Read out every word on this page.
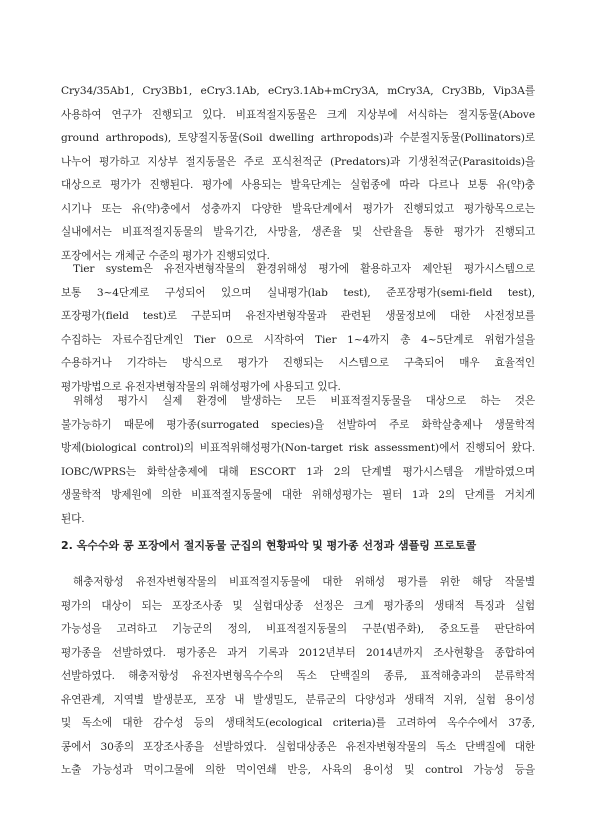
Cry34/35Ab1, Cry3Bb1, eCry3.1Ab, eCry3.1Ab+mCry3A, mCry3A, Cry3Bb, Vip3A를
사용하여 연구가 진행되고 있다. 비표적절지동물은 크게 지상부에 서식하는 절지동물(Above
ground arthropods), 토양절지동물(Soil dwelling arthropods)과 수분절지동물(Pollinators)로
나누어 평가하고 지상부 절지동물은 주로 포식천적군 (Predators)과 기생천적군(Parasitoids)을
대상으로 평가가 진행된다. 평가에 사용되는 발육단계는 실험종에 따라 다르나 보통 유(약)충
시기나 또는 유(약)충에서 성충까지 다양한 발육단계에서 평가가 진행되었고 평가항목으로는
실내에서는 비표적절지동물의 발육기간, 사망율, 생존율 및 산란율을 통한 평가가 진행되고
포장에서는 개체군 수준의 평가가 진행되었다.
Tier system은 유전자변형작물의 환경위해성 평가에 활용하고자 제안된 평가시스템으로
보통 3~4단계로 구성되어 있으며 실내평가(lab test), 준포장평가(semi-field test),
포장평가(field test)로 구분되며 유전자변형작물과 관련된 생물정보에 대한 사전정보를
수집하는 자료수집단계인 Tier 0으로 시작하여 Tier 1~4까지 총 4~5단계로 위험가설을
수용하거나 기각하는 방식으로 평가가 진행되는 시스템으로 구축되어 매우 효율적인
평가방법으로 유전자변형작물의 위해성평가에 사용되고 있다.
위해성 평가시 실제 환경에 발생하는 모든 비표적절지동물을 대상으로 하는 것은
불가능하기 때문에 평가종(surrogated species)을 선발하여 주로 화학살충제나 생물학적
방제(biological control)의 비표적위해성평가(Non-target risk assessment)에서 진행되어 왔다.
IOBC/WPRS는 화학살충제에 대해 ESCORT 1과 2의 단계별 평가시스템을 개발하였으며
생물학적 방제원에 의한 비표적절지동물에 대한 위해성평가는 필터 1과 2의 단계를 거치게
된다.
2. 옥수수와 콩 포장에서 절지동물 군집의 현황파악 및 평가종 선정과 샘플링 프로토콜
해충저항성 유전자변형작물의 비표적절지동물에 대한 위해성 평가를 위한 해당 작물별
평가의 대상이 되는 포장조사종 및 실험대상종 선정은 크게 평가종의 생태적 특징과 실험
가능성을 고려하고 기능군의 정의, 비표적절지동물의 구분(범주화), 중요도를 판단하여
평가종을 선발하였다. 평가종은 과거 기록과 2012년부터 2014년까지 조사현황을 종합하여
선발하였다. 해충저항성 유전자변형옥수수의 독소 단백질의 종류, 표적해충과의 분류학적
유연관계, 지역별 발생분포, 포장 내 발생밀도, 분류군의 다양성과 생태적 지위, 실험 용이성
및 독소에 대한 감수성 등의 생태척도(ecological criteria)를 고려하여 옥수수에서 37종,
콩에서 30종의 포장조사종을 선발하였다. 실험대상종은 유전자변형작물의 독소 단백질에 대한
노출 가능성과 먹이그물에 의한 먹이연쇄 반응, 사육의 용이성 및 control 가능성 등을
